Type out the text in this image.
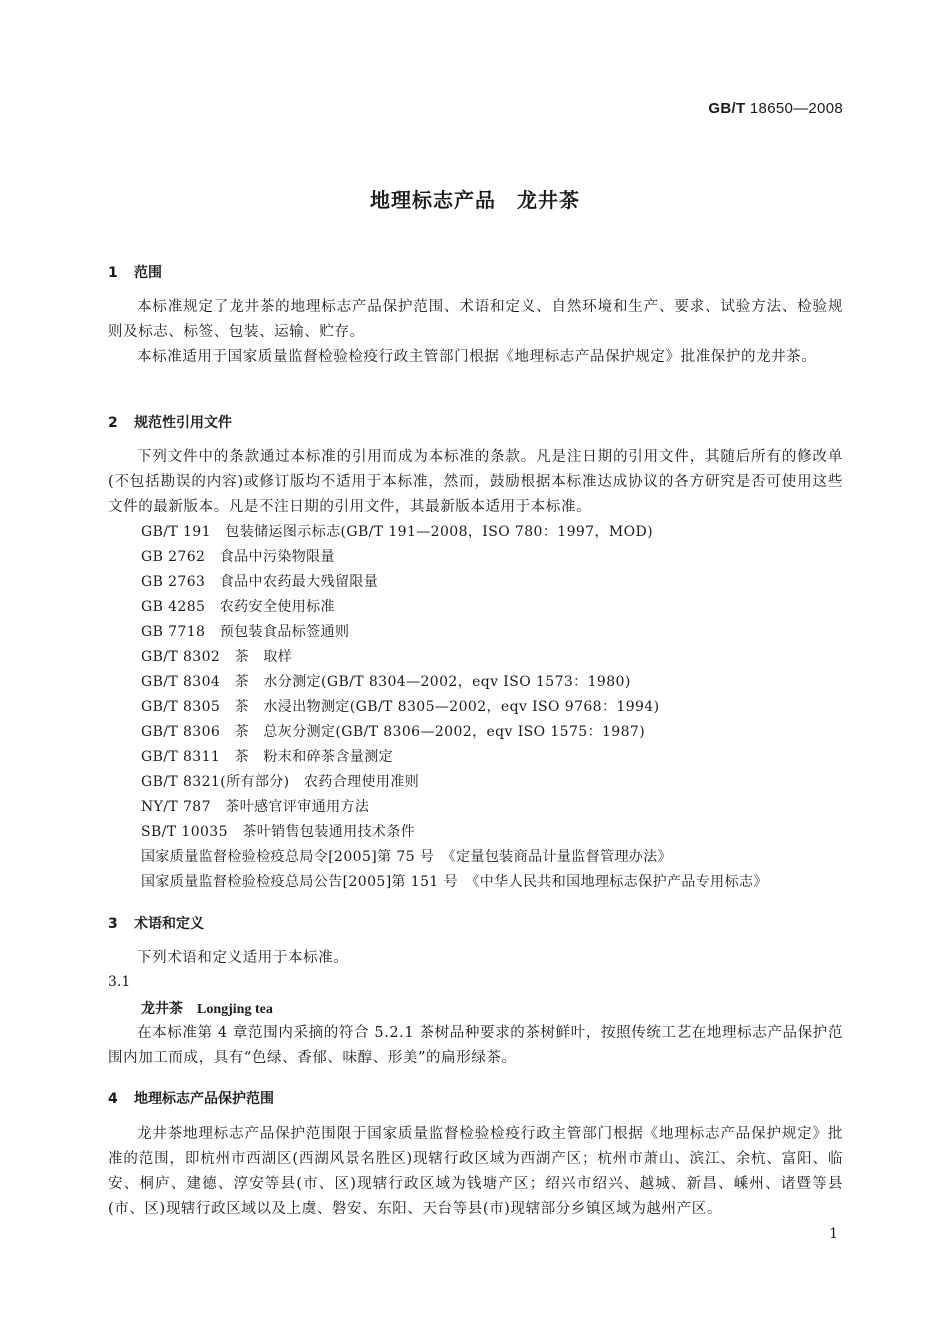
GB/T 18650—2008
地理标志产品　龙井茶
1 范围
本标准规定了龙井茶的地理标志产品保护范围、术语和定义、自然环境和生产、要求、试验方法、检验规则及标志、标签、包装、运输、贮存。
本标准适用于国家质量监督检验检疫行政主管部门根据《地理标志产品保护规定》批准保护的龙井茶。
2 规范性引用文件
下列文件中的条款通过本标准的引用而成为本标准的条款。凡是注日期的引用文件，其随后所有的修改单(不包括勘误的内容)或修订版均不适用于本标准，然而，鼓励根据本标准达成协议的各方研究是否可使用这些文件的最新版本。凡是不注日期的引用文件，其最新版本适用于本标准。
GB/T 191　包装储运图示标志(GB/T 191—2008，ISO 780：1997，MOD)
GB 2762　食品中污染物限量
GB 2763　食品中农药最大残留限量
GB 4285　农药安全使用标准
GB 7718　预包装食品标签通则
GB/T 8302　茶　取样
GB/T 8304　茶　水分测定(GB/T 8304—2002，eqv ISO 1573：1980)
GB/T 8305　茶　水浸出物测定(GB/T 8305—2002，eqv ISO 9768：1994)
GB/T 8306　茶　总灰分测定(GB/T 8306—2002，eqv ISO 1575：1987)
GB/T 8311　茶　粉末和碎茶含量测定
GB/T 8321(所有部分)　农药合理使用准则
NY/T 787　茶叶感官评审通用方法
SB/T 10035　茶叶销售包装通用技术条件
国家质量监督检验检疫总局令[2005]第 75 号　《定量包装商品计量监督管理办法》
国家质量监督检验检疫总局公告[2005]第 151 号　《中华人民共和国地理标志保护产品专用标志》
3 术语和定义
下列术语和定义适用于本标准。
3.1
龙井茶 Longjing tea
在本标准第 4 章范围内采摘的符合 5.2.1 茶树品种要求的茶树鲜叶，按照传统工艺在地理标志产品保护范围内加工而成，具有“色绿、香郁、味醇、形美”的扁形绿茶。
4 地理标志产品保护范围
龙井茶地理标志产品保护范围限于国家质量监督检验检疫行政主管部门根据《地理标志产品保护规定》批准的范围，即杭州市西湖区(西湖风景名胜区)现辖行政区域为西湖产区；杭州市萧山、滨江、余杭、富阳、临安、桐庐、建德、淳安等县(市、区)现辖行政区域为钱塘产区；绍兴市绍兴、越城、新昌、嵊州、诸暨等县(市、区)现辖行政区域以及上虞、磐安、东阳、天台等县(市)现辖部分乡镇区域为越州产区。
1
